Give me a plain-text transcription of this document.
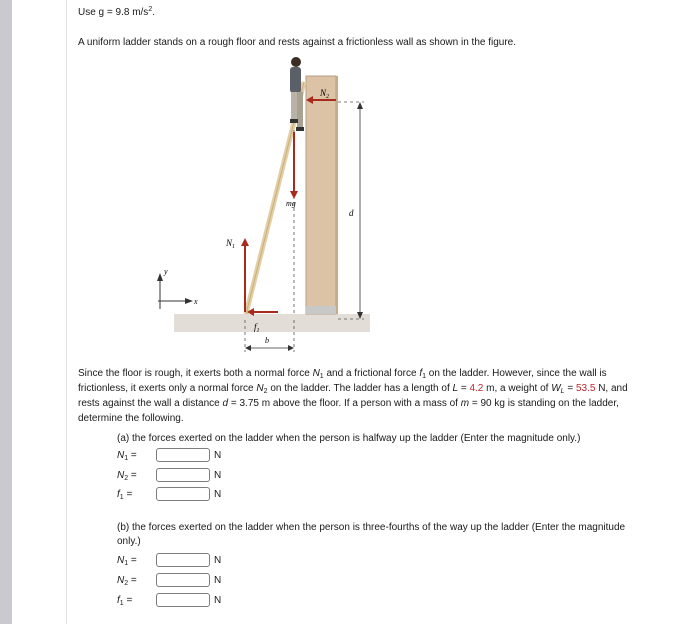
Use g = 9.8 $m/s^2$.
A uniform ladder stands on a rough floor and rests against a frictionless wall as shown in the figure.
$N_2$
mg
d
$N_1$
$f_1$
b
y
x

Since the floor is rough, it exerts both a normal force $N_1$ and a frictional force $f_1$ on the ladder. However, since the wall is

frictionless, it exerts only a normal force $N_2$ on the ladder. The ladder has a length of L = 4.2 m, a weight of $W_L = 53.5$ N, and

rests against the wall a distance d = 3.75 m above the floor. If a person with a mass of m = 90 kg is standing on the ladder,

determine the following.

(a) the forces exerted on the ladder when the person is halfway up the ladder (Enter the magnitude only.)
$N_1$ =	N
$N_2$ =	N
$f_1$ =	N
(b) the forces exerted on the ladder when the person is three-fourths of the way up the ladder (Enter the magnitude
only.)
$N_1$ =	N
$N_2$ =	N
$f_1$ =	N
